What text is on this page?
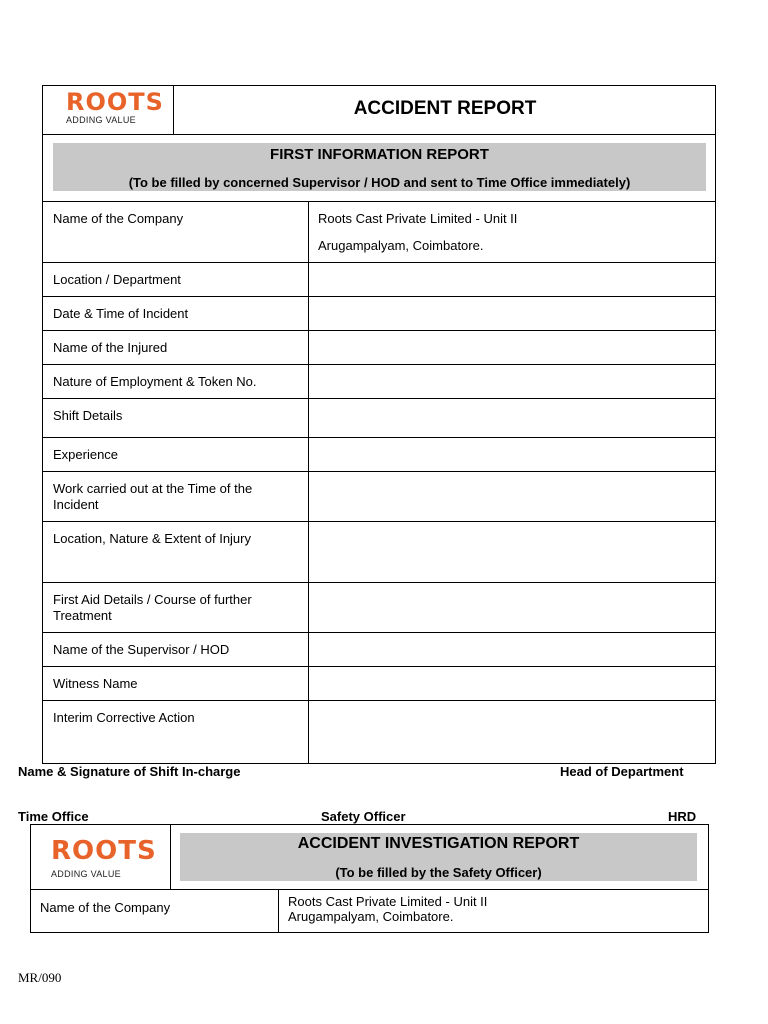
ROOTS
ADDING VALUE
ACCIDENT REPORT
FIRST INFORMATION REPORT
(To be filled by concerned Supervisor / HOD and sent to Time Office immediately)
Name of the Company	Roots Cast Private Limited - Unit II
Arugampalyam, Coimbatore.
Location / Department
Date & Time of Incident
Name of the Injured
Nature of Employment & Token No.
Shift Details
Experience
Work carried out at the Time of the Incident
Location, Nature & Extent of Injury
First Aid Details / Course of further Treatment
Name of the Supervisor / HOD
Witness Name
Interim Corrective Action
Name & Signature of Shift In-charge	Head of Department
Time Office	Safety Officer	HRD
ROOTS
ADDING VALUE
ACCIDENT INVESTIGATION REPORT
(To be filled by the Safety Officer)
Name of the Company	Roots Cast Private Limited - Unit II
Arugampalyam, Coimbatore.
MR/090
